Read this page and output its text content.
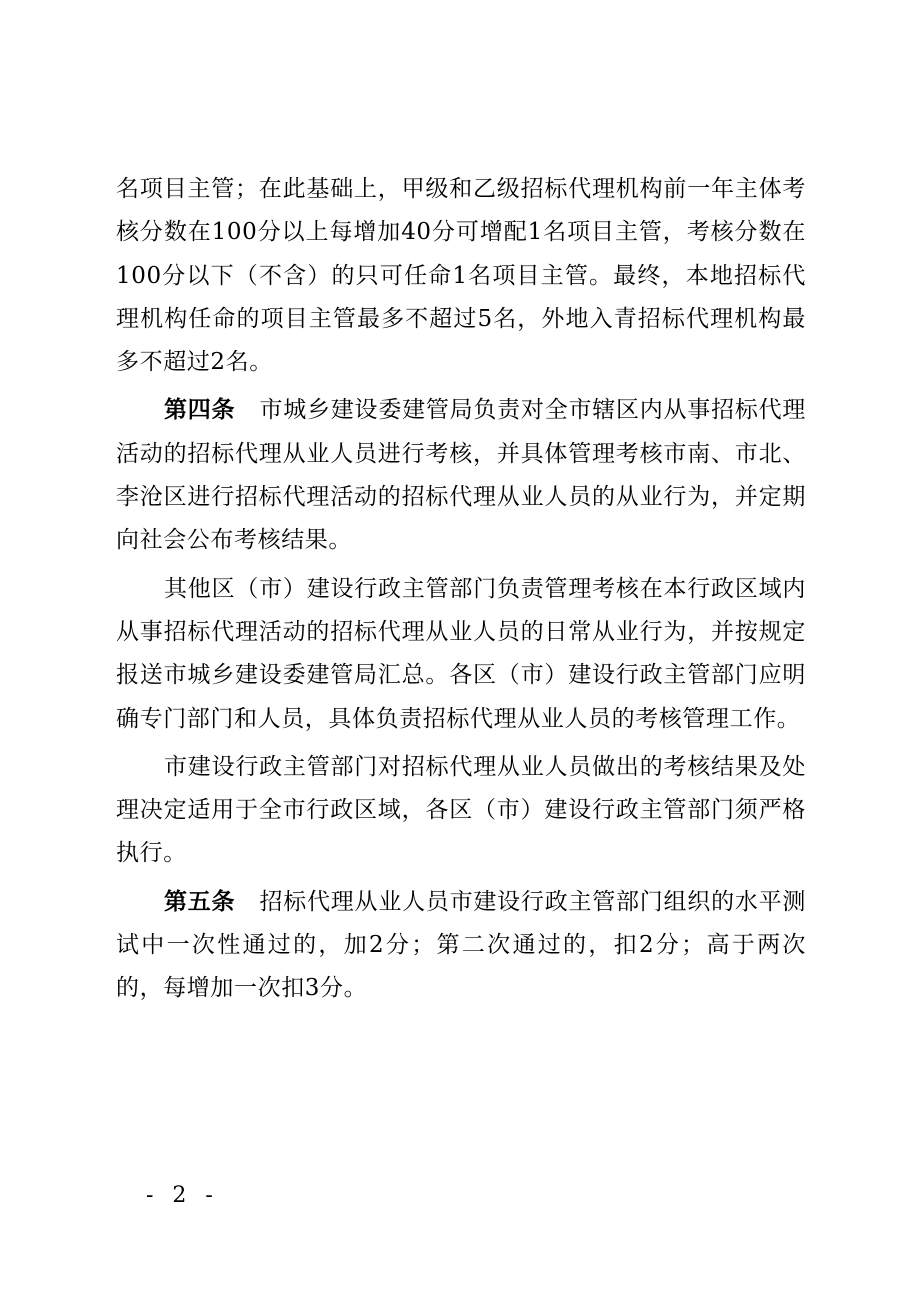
名项目主管；在此基础上，甲级和乙级招标代理机构前一年主体考核分数在100分以上每增加40分可增配1名项目主管，考核分数在100分以下（不含）的只可任命1名项目主管。最终，本地招标代理机构任命的项目主管最多不超过5名，外地入青招标代理机构最多不超过2名。

第四条 市城乡建设委建管局负责对全市辖区内从事招标代理活动的招标代理从业人员进行考核，并具体管理考核市南、市北、李沧区进行招标代理活动的招标代理从业人员的从业行为，并定期向社会公布考核结果。

其他区（市）建设行政主管部门负责管理考核在本行政区域内从事招标代理活动的招标代理从业人员的日常从业行为，并按规定报送市城乡建设委建管局汇总。各区（市）建设行政主管部门应明确专门部门和人员，具体负责招标代理从业人员的考核管理工作。

市建设行政主管部门对招标代理从业人员做出的考核结果及处理决定适用于全市行政区域，各区（市）建设行政主管部门须严格执行。

第五条 招标代理从业人员市建设行政主管部门组织的水平测试中一次性通过的，加2分；第二次通过的，扣2分；高于两次的，每增加一次扣3分。

- 2 -
